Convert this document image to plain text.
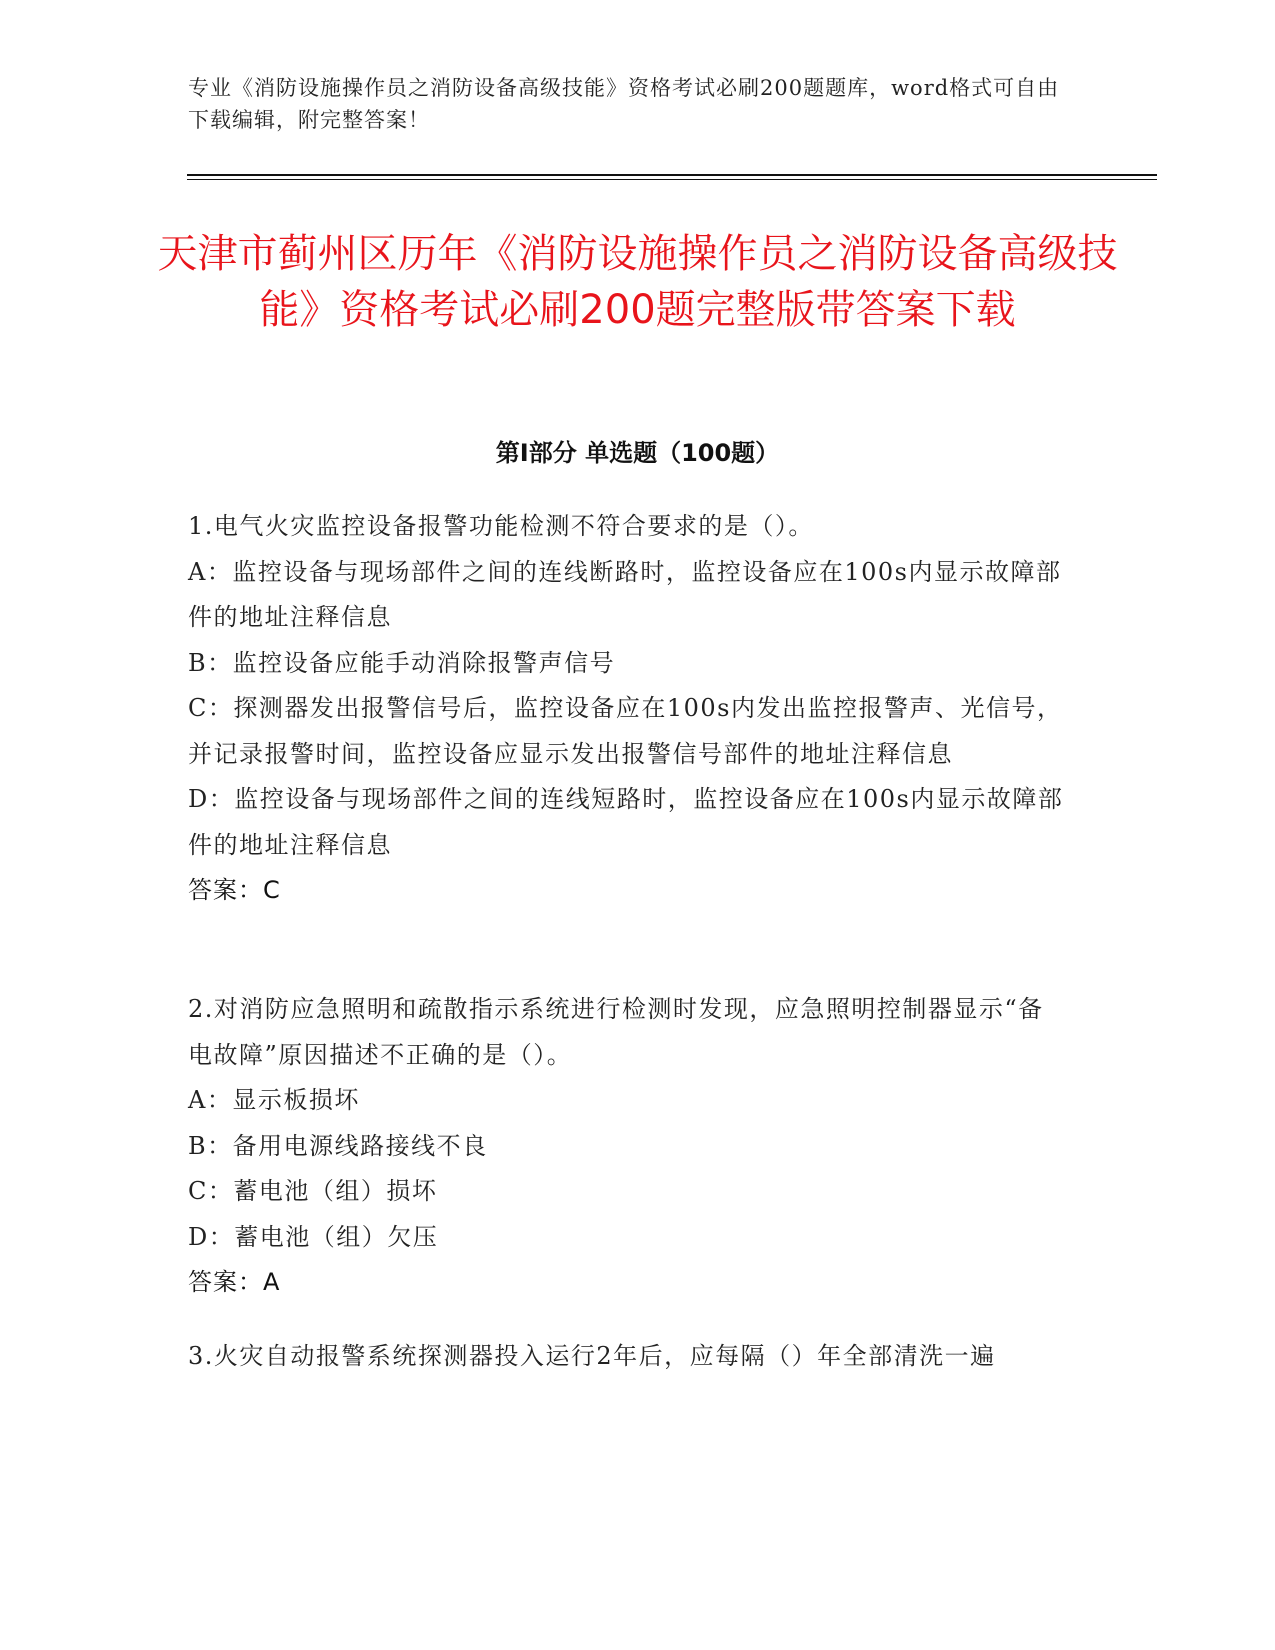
专业《消防设施操作员之消防设备高级技能》资格考试必刷200题题库，word格式可自由下载编辑，附完整答案！
天津市蓟州区历年《消防设施操作员之消防设备高级技能》资格考试必刷200题完整版带答案下载
第Ⅰ部分 单选题（100题）
1.电气火灾监控设备报警功能检测不符合要求的是（）。
A：监控设备与现场部件之间的连线断路时，监控设备应在100s内显示故障部件的地址注释信息
B：监控设备应能手动消除报警声信号
C：探测器发出报警信号后，监控设备应在100s内发出监控报警声、光信号，并记录报警时间，监控设备应显示发出报警信号部件的地址注释信息
D：监控设备与现场部件之间的连线短路时，监控设备应在100s内显示故障部件的地址注释信息
答案：C
2.对消防应急照明和疏散指示系统进行检测时发现，应急照明控制器显示“备电故障”原因描述不正确的是（）。
A：显示板损坏
B：备用电源线路接线不良
C：蓄电池（组）损坏
D：蓄电池（组）欠压
答案：A
3.火灾自动报警系统探测器投入运行2年后，应每隔（）年全部清洗一遍
